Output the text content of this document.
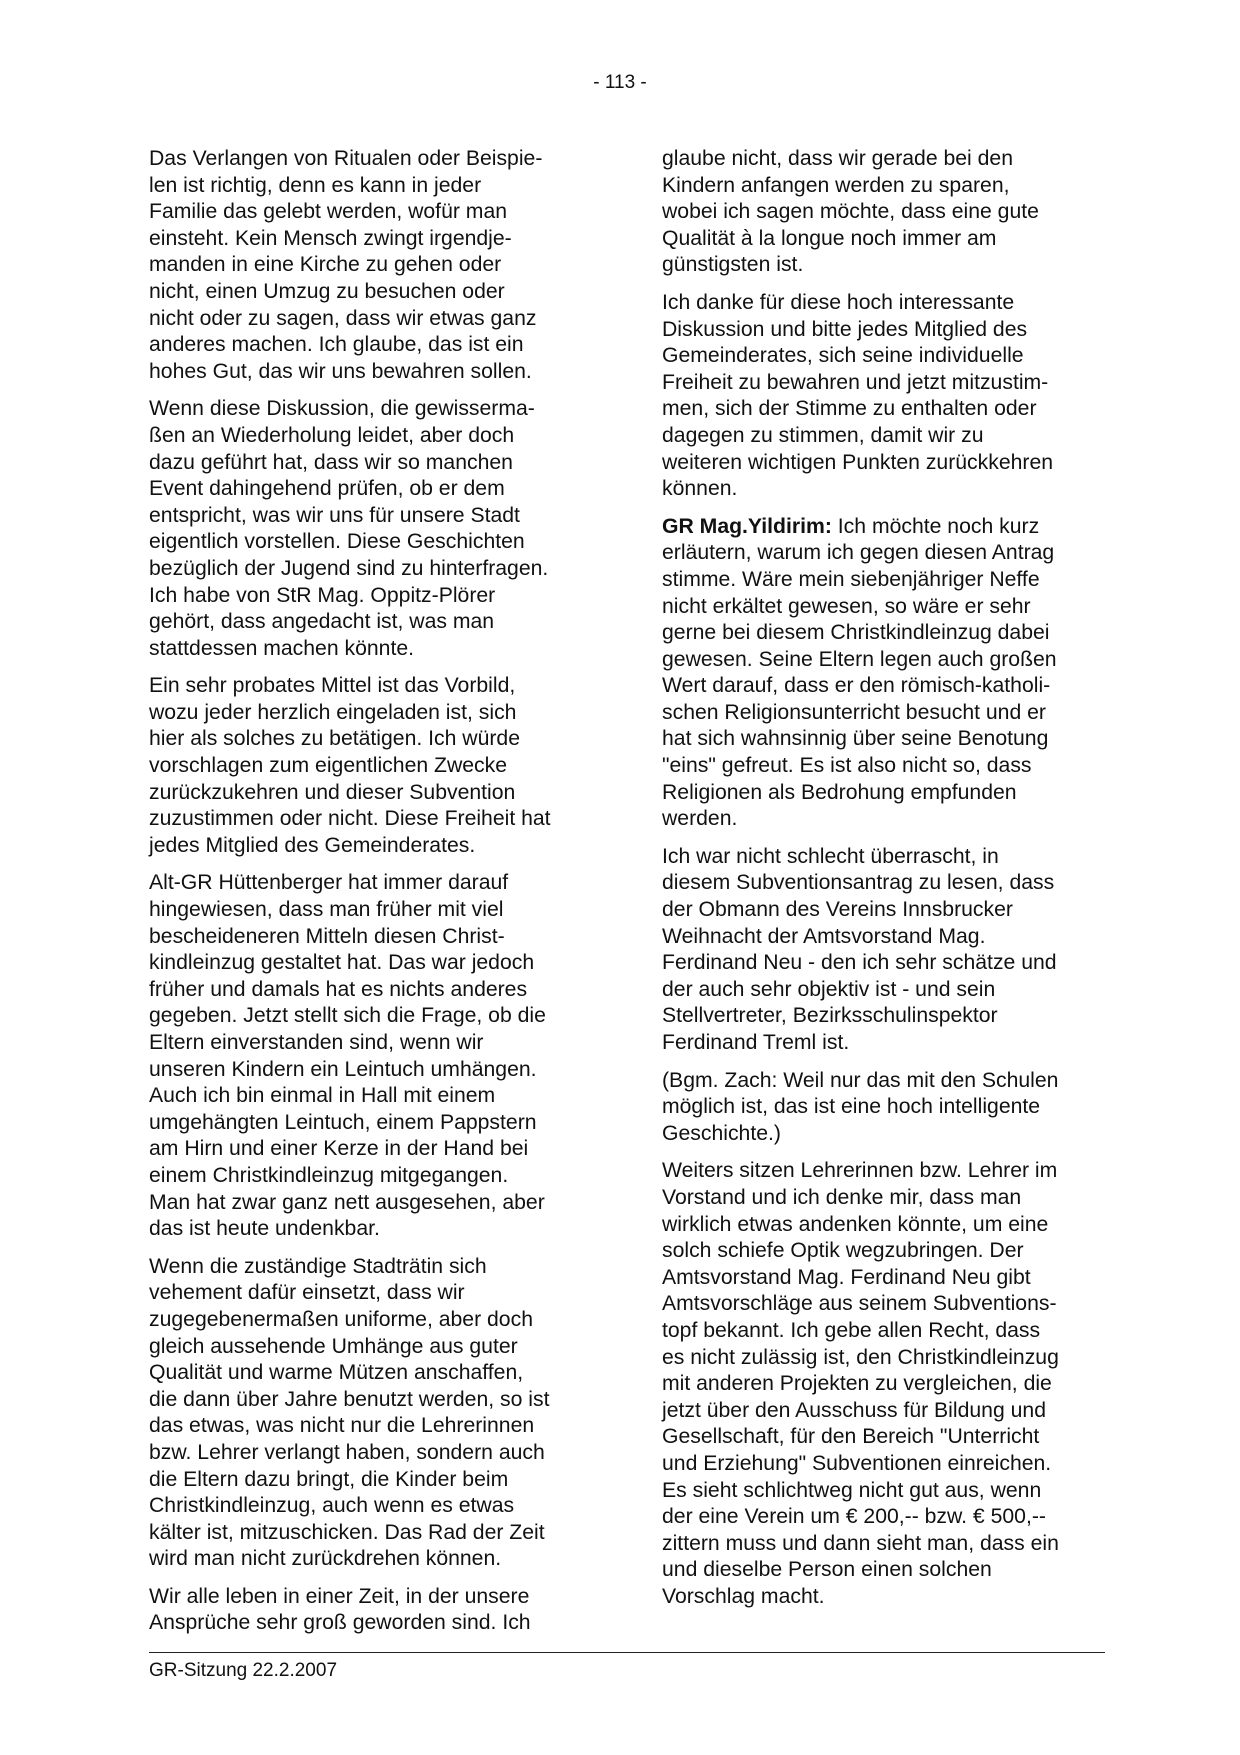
- 113 -

Das Verlangen von Ritualen oder Beispie-
len ist richtig, denn es kann in jeder
Familie das gelebt werden, wofür man
einsteht. Kein Mensch zwingt irgendje-
manden in eine Kirche zu gehen oder
nicht, einen Umzug zu besuchen oder
nicht oder zu sagen, dass wir etwas ganz
anderes machen. Ich glaube, das ist ein
hohes Gut, das wir uns bewahren sollen.

Wenn diese Diskussion, die gewisserma-
ßen an Wiederholung leidet, aber doch
dazu geführt hat, dass wir so manchen
Event dahingehend prüfen, ob er dem
entspricht, was wir uns für unsere Stadt
eigentlich vorstellen. Diese Geschichten
bezüglich der Jugend sind zu hinterfragen.
Ich habe von StR Mag. Oppitz-Plörer
gehört, dass angedacht ist, was man
stattdessen machen könnte.

Ein sehr probates Mittel ist das Vorbild,
wozu jeder herzlich eingeladen ist, sich
hier als solches zu betätigen. Ich würde
vorschlagen zum eigentlichen Zwecke
zurückzukehren und dieser Subvention
zuzustimmen oder nicht. Diese Freiheit hat
jedes Mitglied des Gemeinderates.

Alt-GR Hüttenberger hat immer darauf
hingewiesen, dass man früher mit viel
bescheideneren Mitteln diesen Christ-
kindleinzug gestaltet hat. Das war jedoch
früher und damals hat es nichts anderes
gegeben. Jetzt stellt sich die Frage, ob die
Eltern einverstanden sind, wenn wir
unseren Kindern ein Leintuch umhängen.
Auch ich bin einmal in Hall mit einem
umgehängten Leintuch, einem Pappstern
am Hirn und einer Kerze in der Hand bei
einem Christkindleinzug mitgegangen.
Man hat zwar ganz nett ausgesehen, aber
das ist heute undenkbar.

Wenn die zuständige Stadträtin sich
vehement dafür einsetzt, dass wir
zugegebenermaßen uniforme, aber doch
gleich aussehende Umhänge aus guter
Qualität und warme Mützen anschaffen,
die dann über Jahre benutzt werden, so ist
das etwas, was nicht nur die Lehrerinnen
bzw. Lehrer verlangt haben, sondern auch
die Eltern dazu bringt, die Kinder beim
Christkindleinzug, auch wenn es etwas
kälter ist, mitzuschicken. Das Rad der Zeit
wird man nicht zurückdrehen können.

Wir alle leben in einer Zeit, in der unsere
Ansprüche sehr groß geworden sind. Ich

glaube nicht, dass wir gerade bei den
Kindern anfangen werden zu sparen,
wobei ich sagen möchte, dass eine gute
Qualität à la longue noch immer am
günstigsten ist.

Ich danke für diese hoch interessante
Diskussion und bitte jedes Mitglied des
Gemeinderates, sich seine individuelle
Freiheit zu bewahren und jetzt mitzustim-
men, sich der Stimme zu enthalten oder
dagegen zu stimmen, damit wir zu
weiteren wichtigen Punkten zurückkehren
können.

GR Mag.Yildirim: Ich möchte noch kurz
erläutern, warum ich gegen diesen Antrag
stimme. Wäre mein siebenjähriger Neffe
nicht erkältet gewesen, so wäre er sehr
gerne bei diesem Christkindleinzug dabei
gewesen. Seine Eltern legen auch großen
Wert darauf, dass er den römisch-katholi-
schen Religionsunterricht besucht und er
hat sich wahnsinnig über seine Benotung
"eins" gefreut. Es ist also nicht so, dass
Religionen als Bedrohung empfunden
werden.

Ich war nicht schlecht überrascht, in
diesem Subventionsantrag zu lesen, dass
der Obmann des Vereins Innsbrucker
Weihnacht der Amtsvorstand Mag.
Ferdinand Neu - den ich sehr schätze und
der auch sehr objektiv ist - und sein
Stellvertreter, Bezirksschulinspektor
Ferdinand Treml ist.

(Bgm. Zach: Weil nur das mit den Schulen
möglich ist, das ist eine hoch intelligente
Geschichte.)

Weiters sitzen Lehrerinnen bzw. Lehrer im
Vorstand und ich denke mir, dass man
wirklich etwas andenken könnte, um eine
solch schiefe Optik wegzubringen. Der
Amtsvorstand Mag. Ferdinand Neu gibt
Amtsvorschläge aus seinem Subventions-
topf bekannt. Ich gebe allen Recht, dass
es nicht zulässig ist, den Christkindleinzug
mit anderen Projekten zu vergleichen, die
jetzt über den Ausschuss für Bildung und
Gesellschaft, für den Bereich "Unterricht
und Erziehung" Subventionen einreichen.
Es sieht schlichtweg nicht gut aus, wenn
der eine Verein um € 200,-- bzw. € 500,--
zittern muss und dann sieht man, dass ein
und dieselbe Person einen solchen
Vorschlag macht.

GR-Sitzung 22.2.2007
